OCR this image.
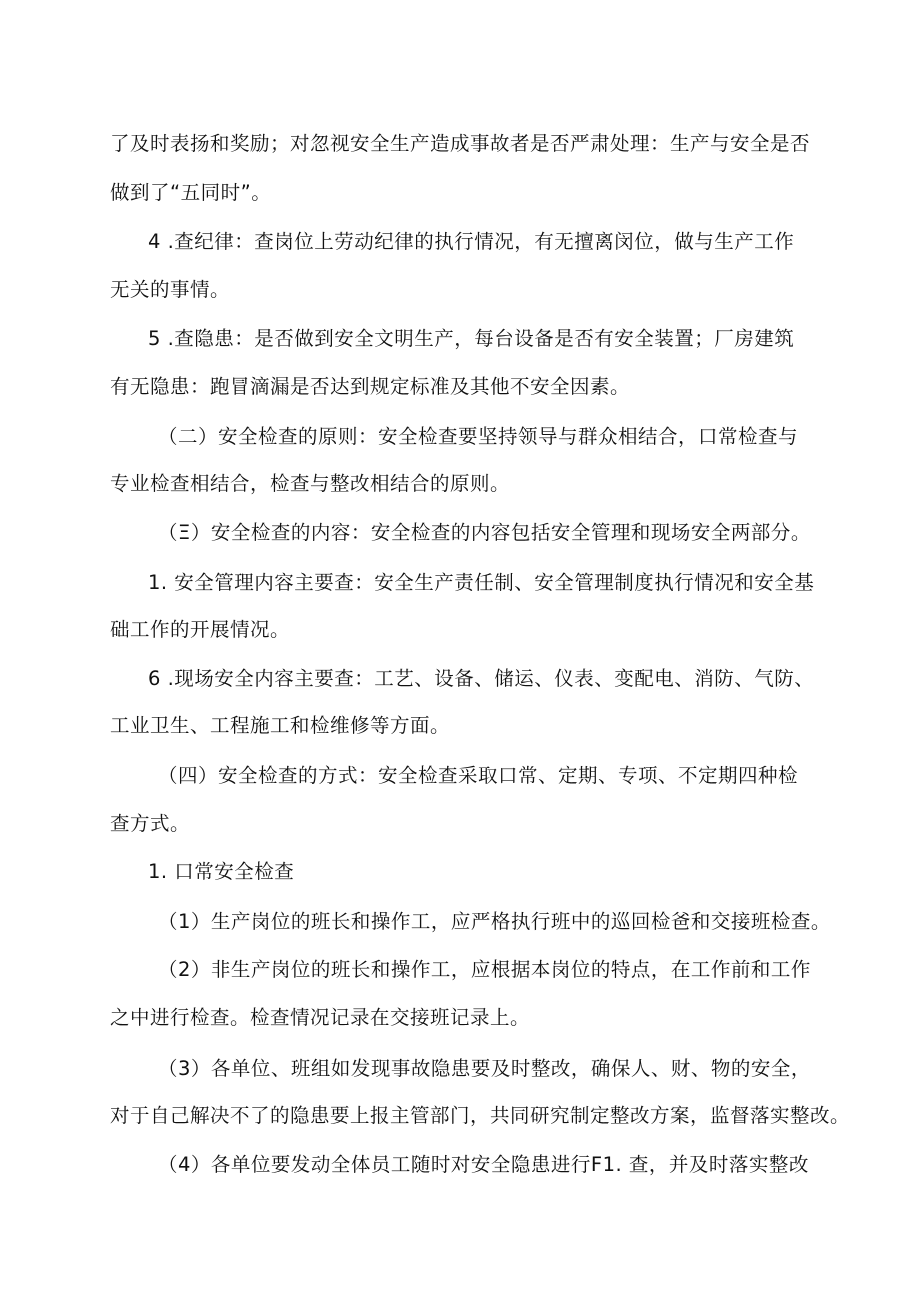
了及时表扬和奖励；对忽视安全生产造成事故者是否严肃处理：生产与安全是否
做到了“五同时”。
4 .查纪律：查岗位上劳动纪律的执行情况，有无擅离闵位，做与生产工作
无关的事情。
5 .查隐患：是否做到安全文明生产，每台设备是否有安全装置；厂房建筑
有无隐患：跑冒滴漏是否达到规定标准及其他不安全因素。
（二）安全检查的原则：安全检查要坚持领导与群众相结合，口常检查与
专业检查相结合，检查与整改相结合的原则。
（Ξ）安全检查的内容：安全检查的内容包括安全管理和现场安全两部分。
1. 安全管理内容主要查：安全生产责任制、安全管理制度执行情况和安全基
础工作的开展情况。
6 .现场安全内容主要查：工艺、设备、储运、仪表、变配电、消防、气防、
工业卫生、工程施工和检维修等方面。
（四）安全检查的方式：安全检查采取口常、定期、专项、不定期四种检
查方式。
1. 口常安全检查
（1）生产岗位的班长和操作工，应严格执行班中的巡回检爸和交接班检查。
（2）非生产岗位的班长和操作工，应根据本岗位的特点，在工作前和工作
之中进行检查。检查情况记录在交接班记录上。
（3）各单位、班组如发现事故隐患要及时整改，确保人、财、物的安全，
对于自己解决不了的隐患要上报主管部门，共同研究制定整改方案，监督落实整改。
（4）各单位要发动全体员工随时对安全隐患进行F1. 查，并及时落实整改
